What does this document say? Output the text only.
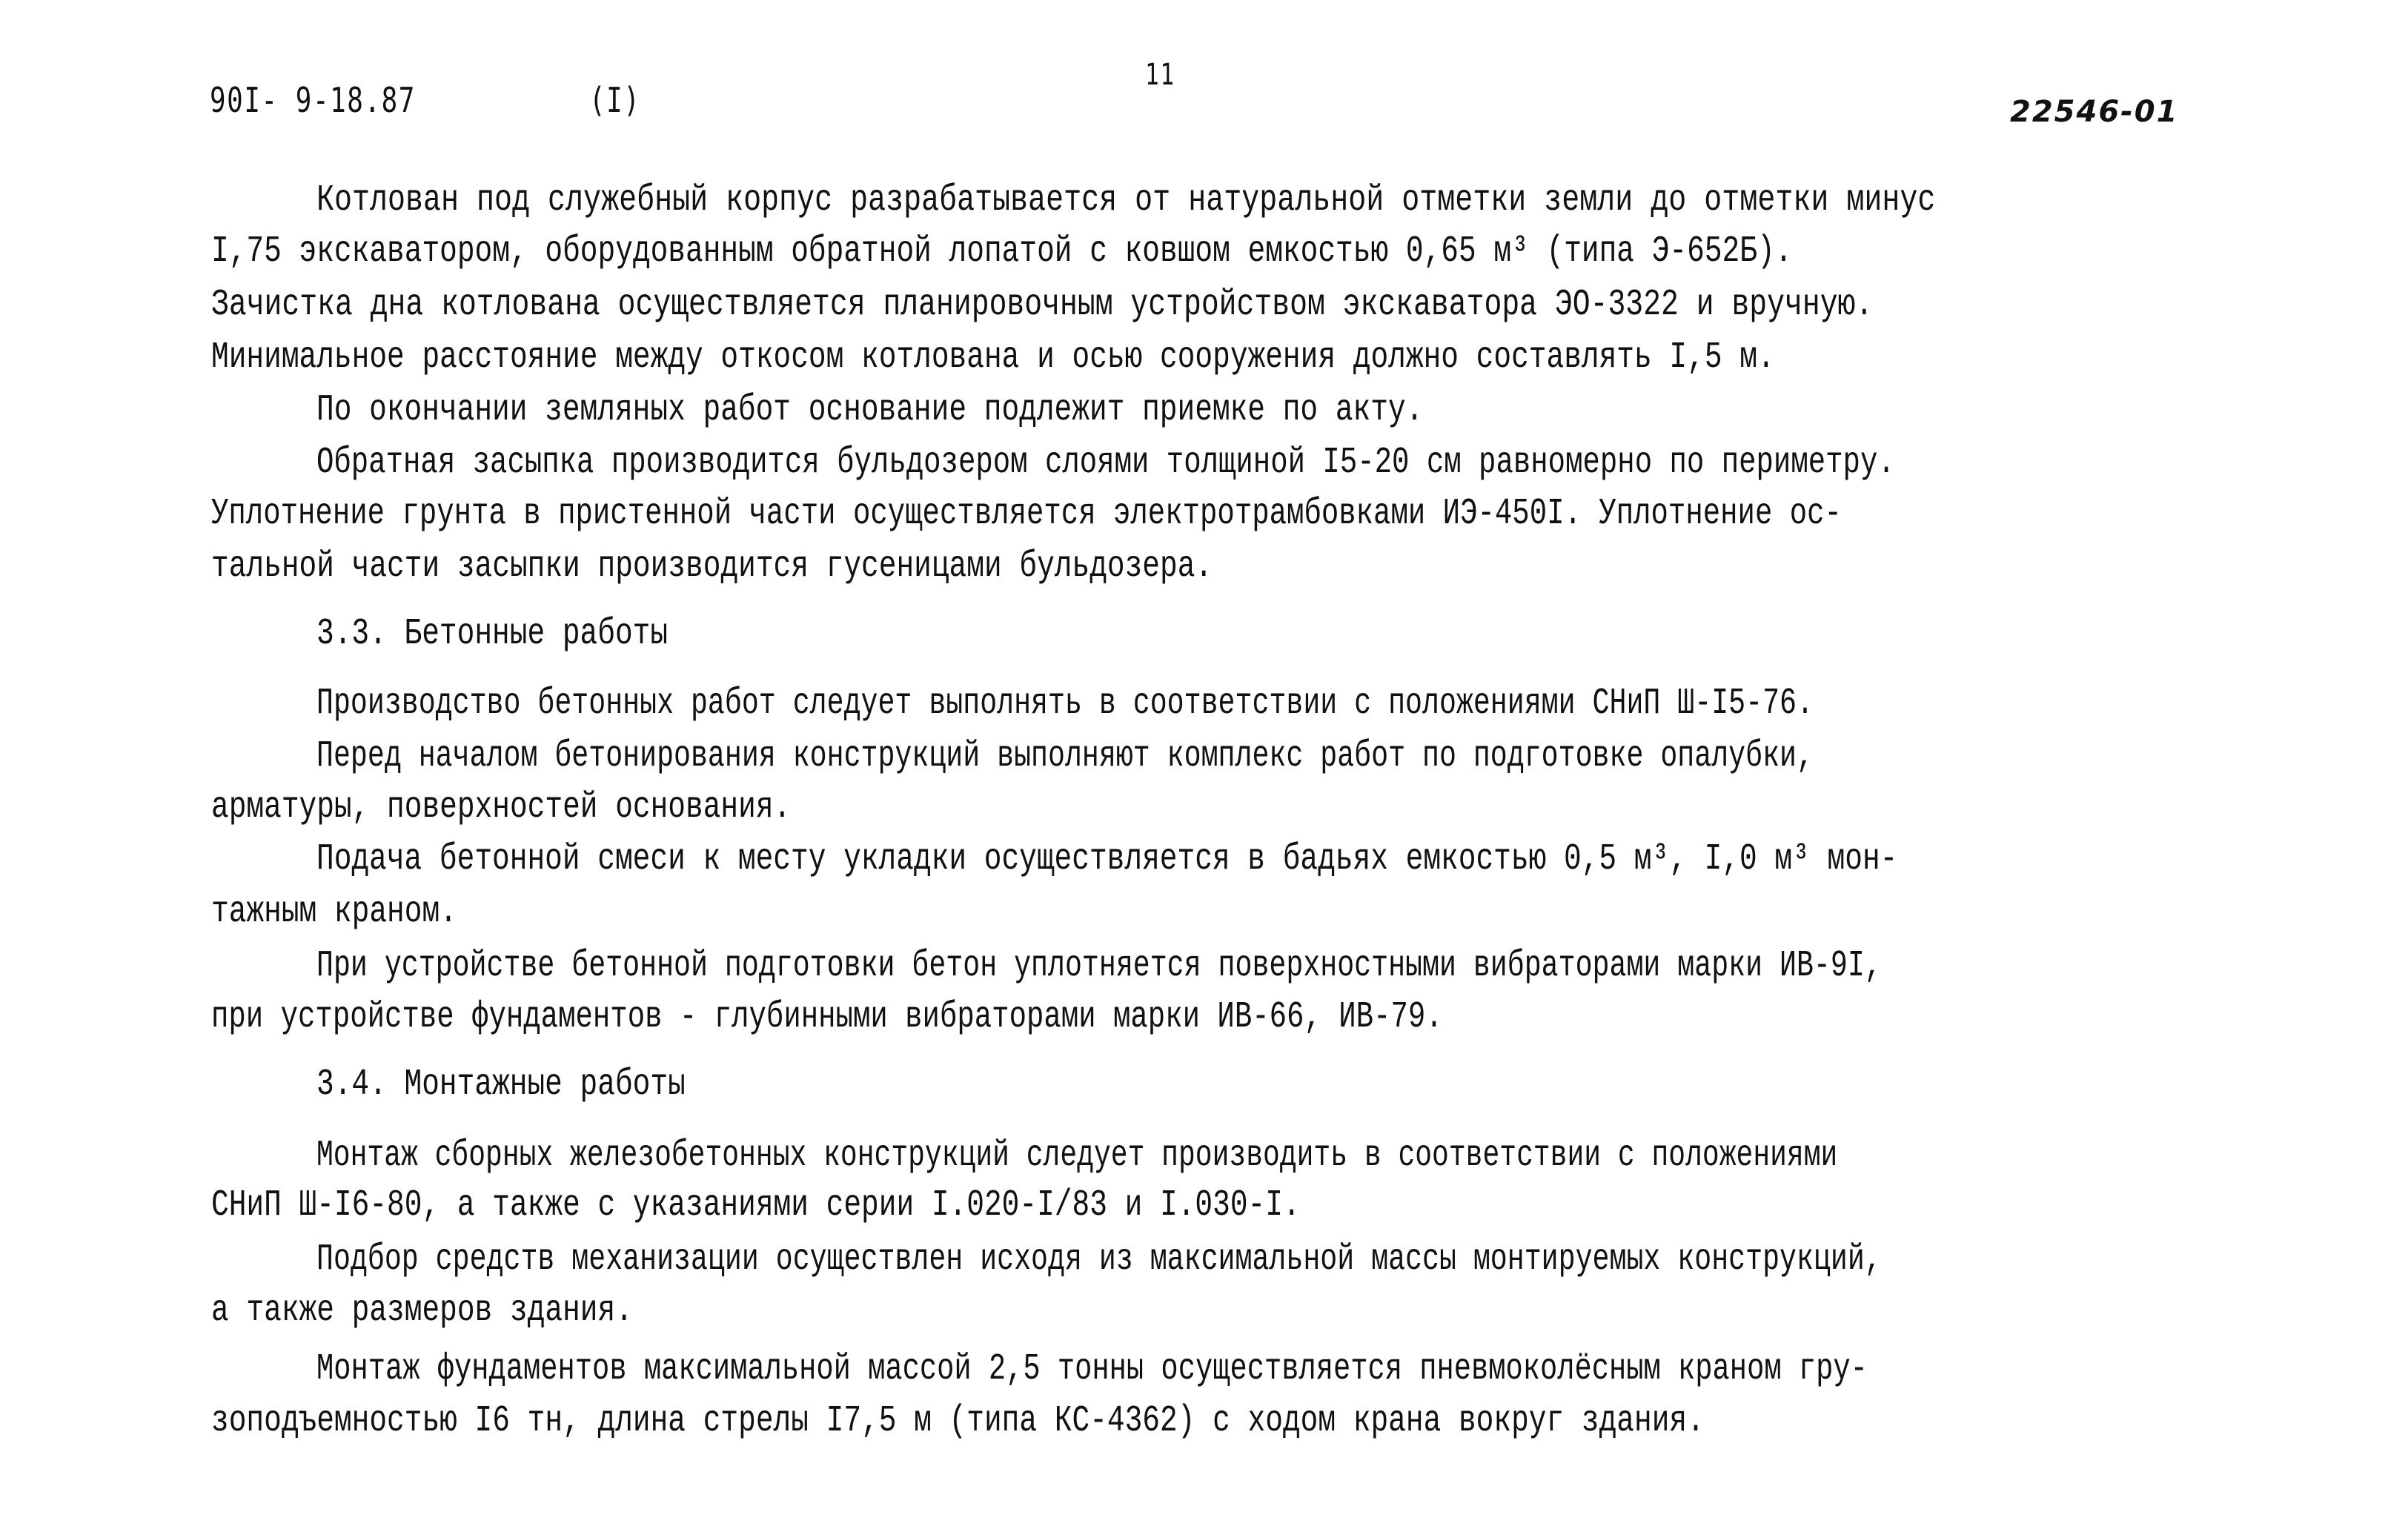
90I- 9-18.87	(I)
11
22546-01
Котлован под служебный корпус разрабатывается от натуральной отметки земли до отметки минус
I,75 экскаватором, оборудованным обратной лопатой с ковшом емкостью 0,65 м³ (типа Э-652Б).
Зачистка дна котлована осуществляется планировочным устройством экскаватора ЭО-3322 и вручную.
Минимальное расстояние между откосом котлована и осью сооружения должно составлять I,5 м.
По окончании земляных работ основание подлежит приемке по акту.
Обратная засыпка производится бульдозером слоями толщиной I5-20 см равномерно по периметру.
Уплотнение грунта в пристенной части осуществляется электротрамбовками ИЭ-450I. Уплотнение ос-
тальной части засыпки производится гусеницами бульдозера.
3.3. Бетонные работы
Производство бетонных работ следует выполнять в соответствии с положениями СНиП Ш-I5-76.
Перед началом бетонирования конструкций выполняют комплекс работ по подготовке опалубки,
арматуры, поверхностей основания.
Подача бетонной смеси к месту укладки осуществляется в бадьях емкостью 0,5 м³, I,0 м³ мон-
тажным краном.
При устройстве бетонной подготовки бетон уплотняется поверхностными вибраторами марки ИВ-9I,
при устройстве фундаментов - глубинными вибраторами марки ИВ-66, ИВ-79.
3.4. Монтажные работы
Монтаж сборных железобетонных конструкций следует производить в соответствии с положениями
СНиП Ш-I6-80, а также с указаниями серии I.020-I/83 и I.030-I.
Подбор средств механизации осуществлен исходя из максимальной массы монтируемых конструкций,
а также размеров здания.
Монтаж фундаментов максимальной массой 2,5 тонны осуществляется пневмоколёсным краном гру-
зоподъемностью I6 тн, длина стрелы I7,5 м (типа КС-4362) с ходом крана вокруг здания.
